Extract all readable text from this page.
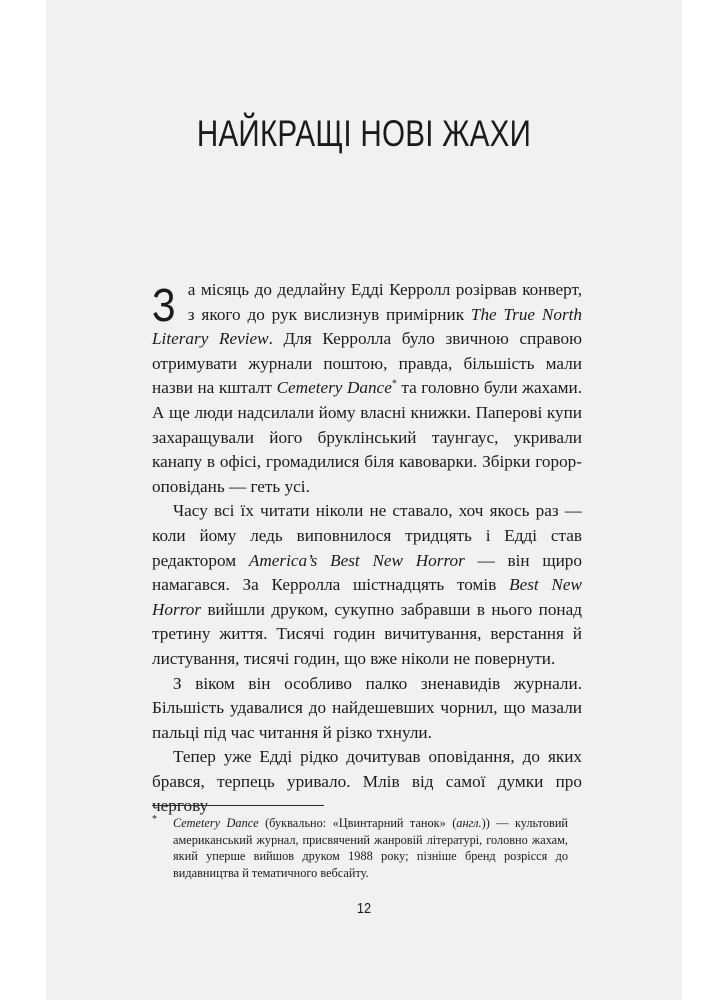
НАЙКРАЩІ НОВІ ЖАХИ

За місяць до дедлайну Едді Керролл розірвав конверт, з якого до рук вислизнув примірник The True North Literary Review. Для Керролла було звичною справою отримувати журнали поштою, правда, більшість мали назви на кшталт Cemetery Dance* та головно були жахами. А ще люди надсилали йому власні книжки. Паперові купи захаращували його бруклінський таунгаус, укривали канапу в офісі, громадилися біля кавоварки. Збірки горор-оповідань — геть усі.

Часу всі їх читати ніколи не ставало, хоч якось раз — коли йому ледь виповнилося тридцять і Едді став редактором America’s Best New Horror — він щиро намагався. За Керролла шістнадцять томів Best New Horror вийшли друком, сукупно забравши в нього понад третину життя. Тисячі годин вичитування, верстання й листування, тисячі годин, що вже ніколи не повернути.

З віком він особливо палко зненавидів журнали. Більшість удавалися до найдешевших чорнил, що мазали пальці під час читання й різко тхнули.

Тепер уже Едді рідко дочитував оповідання, до яких брався, терпець уривало. Млів від самої думки про чергову

* Cemetery Dance (буквально: «Цвинтарний танок» (англ.)) — культовий американський журнал, присвячений жанровій літературі, головно жахам, який уперше вийшов друком 1988 року; пізніше бренд розрісся до видавництва й тематичного вебсайту.

12
